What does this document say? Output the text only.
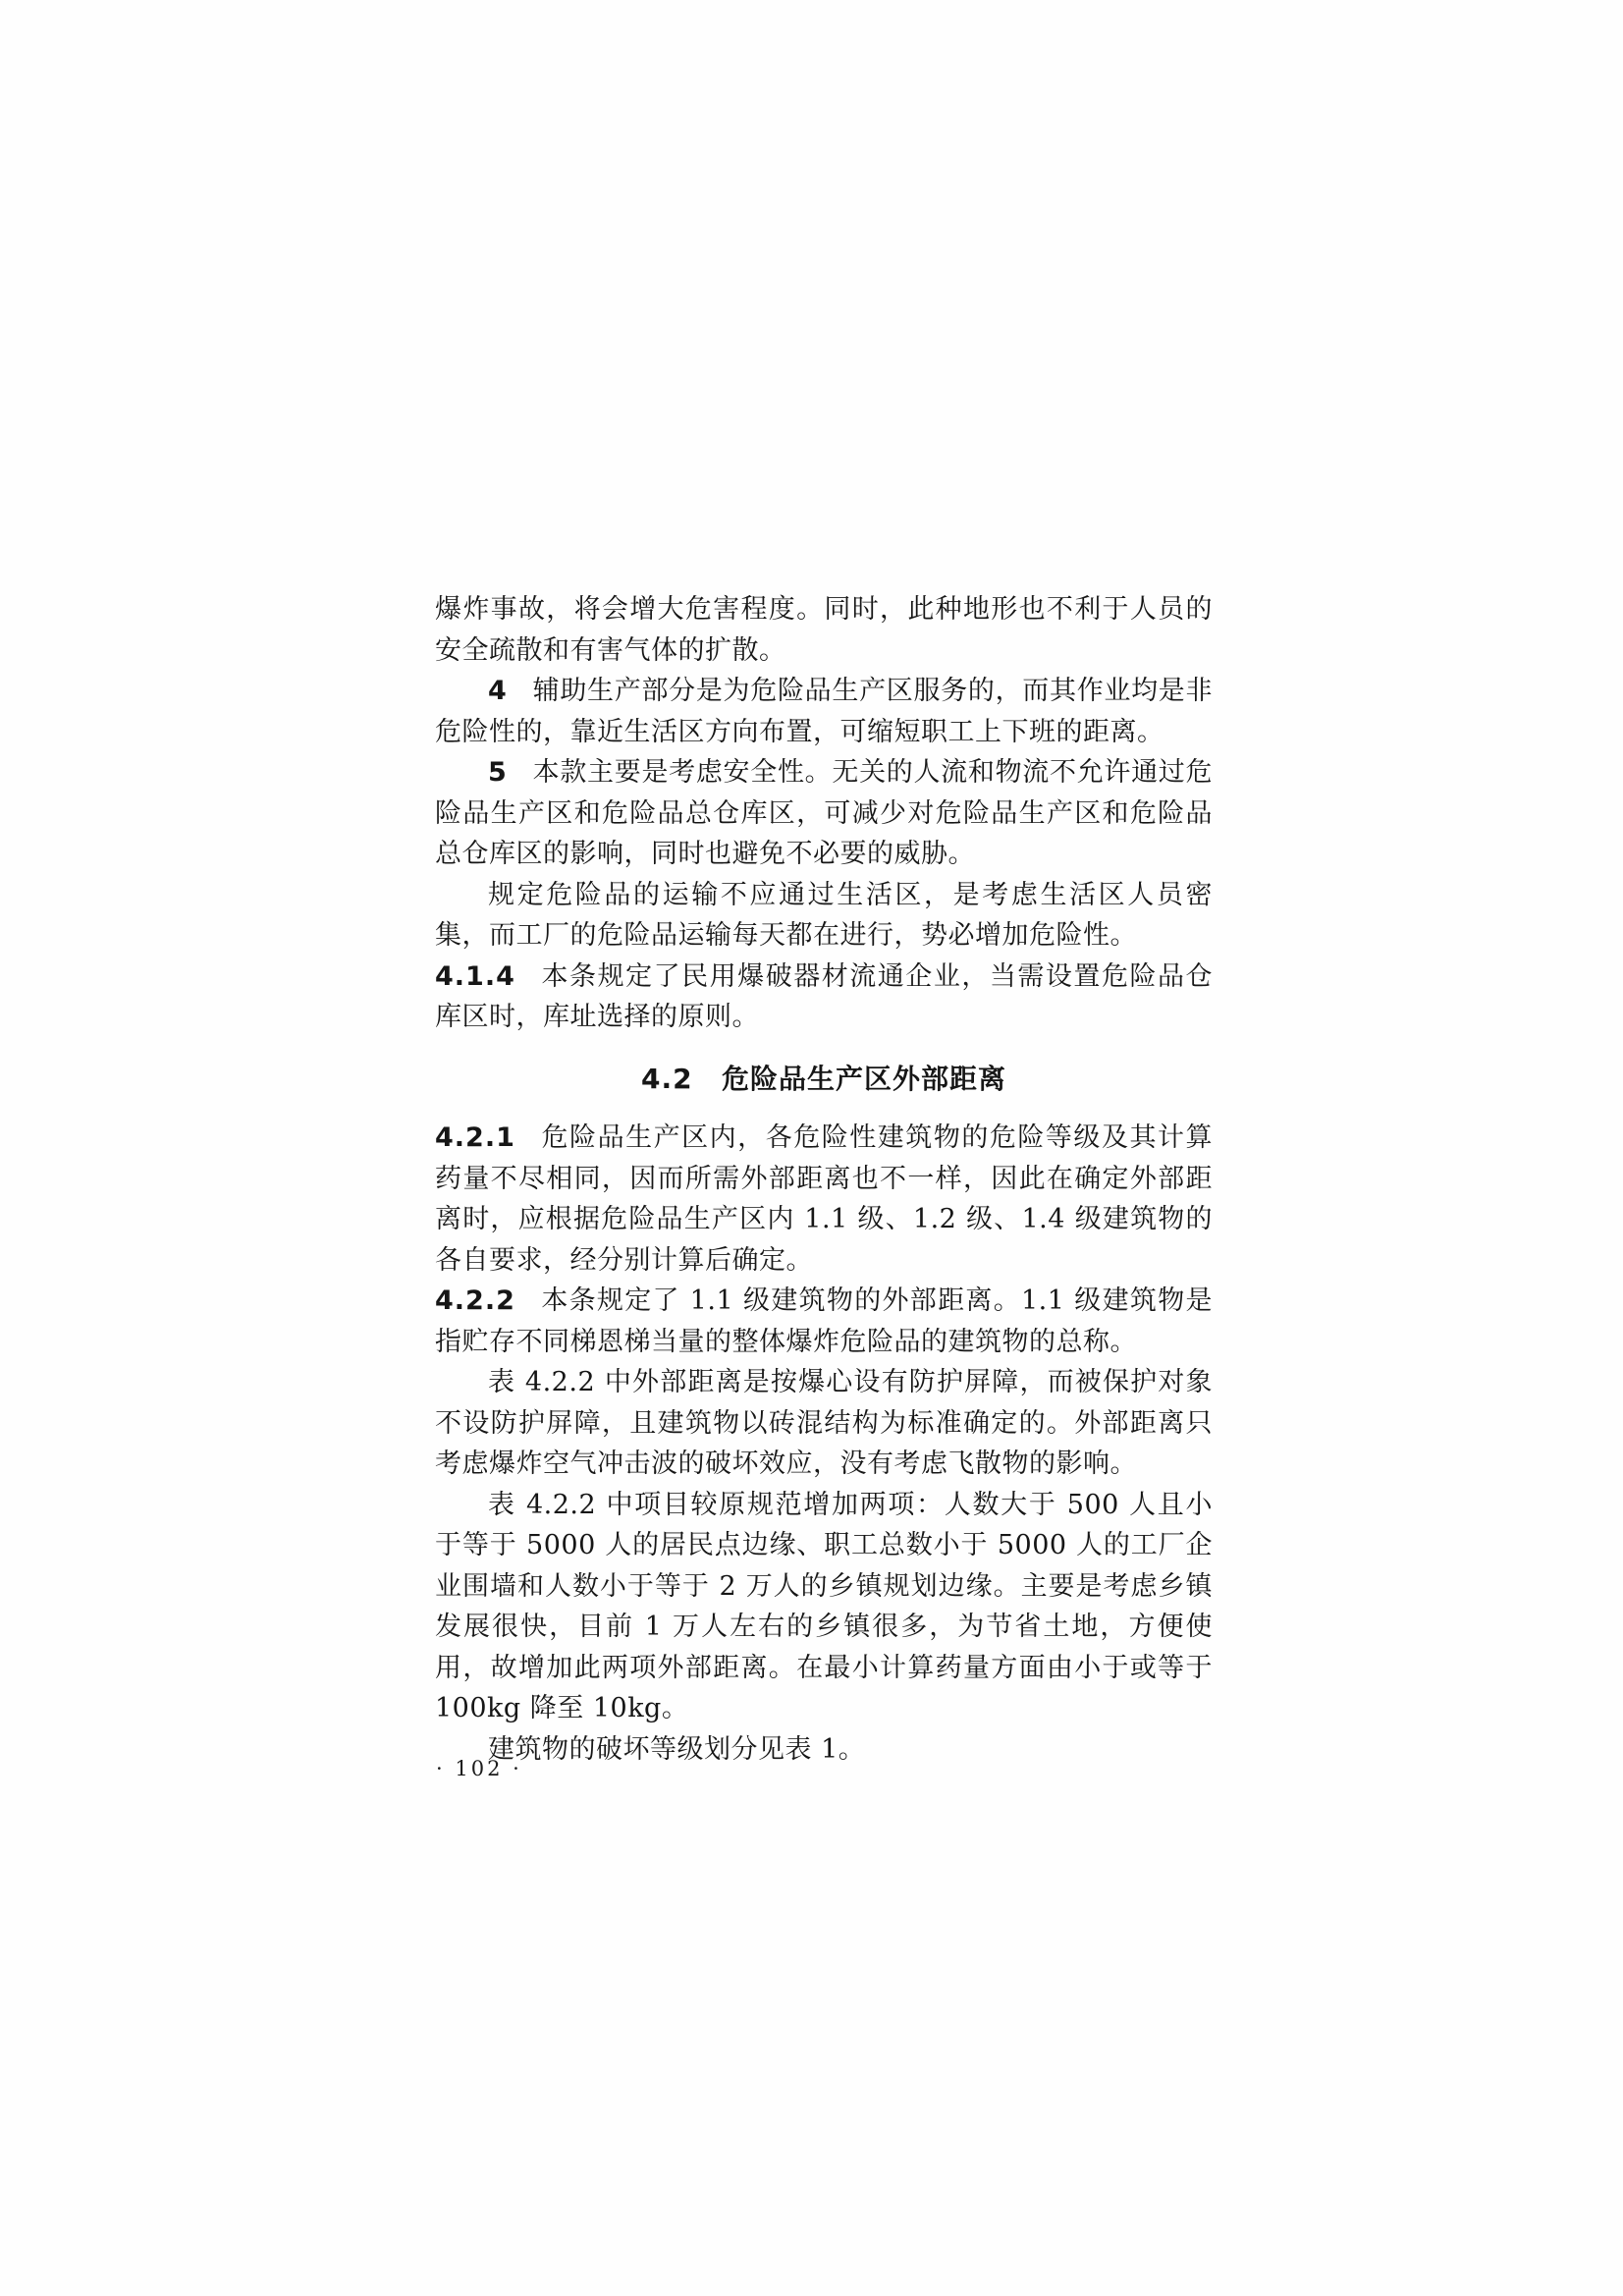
爆炸事故，将会增大危害程度。同时，此种地形也不利于人员的安全疏散和有害气体的扩散。

4 辅助生产部分是为危险品生产区服务的，而其作业均是非危险性的，靠近生活区方向布置，可缩短职工上下班的距离。

5 本款主要是考虑安全性。无关的人流和物流不允许通过危险品生产区和危险品总仓库区，可减少对危险品生产区和危险品总仓库区的影响，同时也避免不必要的威胁。

规定危险品的运输不应通过生活区，是考虑生活区人员密集，而工厂的危险品运输每天都在进行，势必增加危险性。

4.1.4 本条规定了民用爆破器材流通企业，当需设置危险品仓库区时，库址选择的原则。

4.2 危险品生产区外部距离

4.2.1 危险品生产区内，各危险性建筑物的危险等级及其计算药量不尽相同，因而所需外部距离也不一样，因此在确定外部距离时，应根据危险品生产区内 1.1 级、1.2 级、1.4 级建筑物的各自要求，经分别计算后确定。

4.2.2 本条规定了 1.1 级建筑物的外部距离。1.1 级建筑物是指贮存不同梯恩梯当量的整体爆炸危险品的建筑物的总称。

表 4.2.2 中外部距离是按爆心设有防护屏障，而被保护对象不设防护屏障，且建筑物以砖混结构为标准确定的。外部距离只考虑爆炸空气冲击波的破坏效应，没有考虑飞散物的影响。

表 4.2.2 中项目较原规范增加两项：人数大于 500 人且小于等于 5000 人的居民点边缘、职工总数小于 5000 人的工厂企业围墙和人数小于等于 2 万人的乡镇规划边缘。主要是考虑乡镇发展很快，目前 1 万人左右的乡镇很多，为节省土地，方便使用，故增加此两项外部距离。在最小计算药量方面由小于或等于 100kg 降至 10kg。

建筑物的破坏等级划分见表 1。

· 102 ·
